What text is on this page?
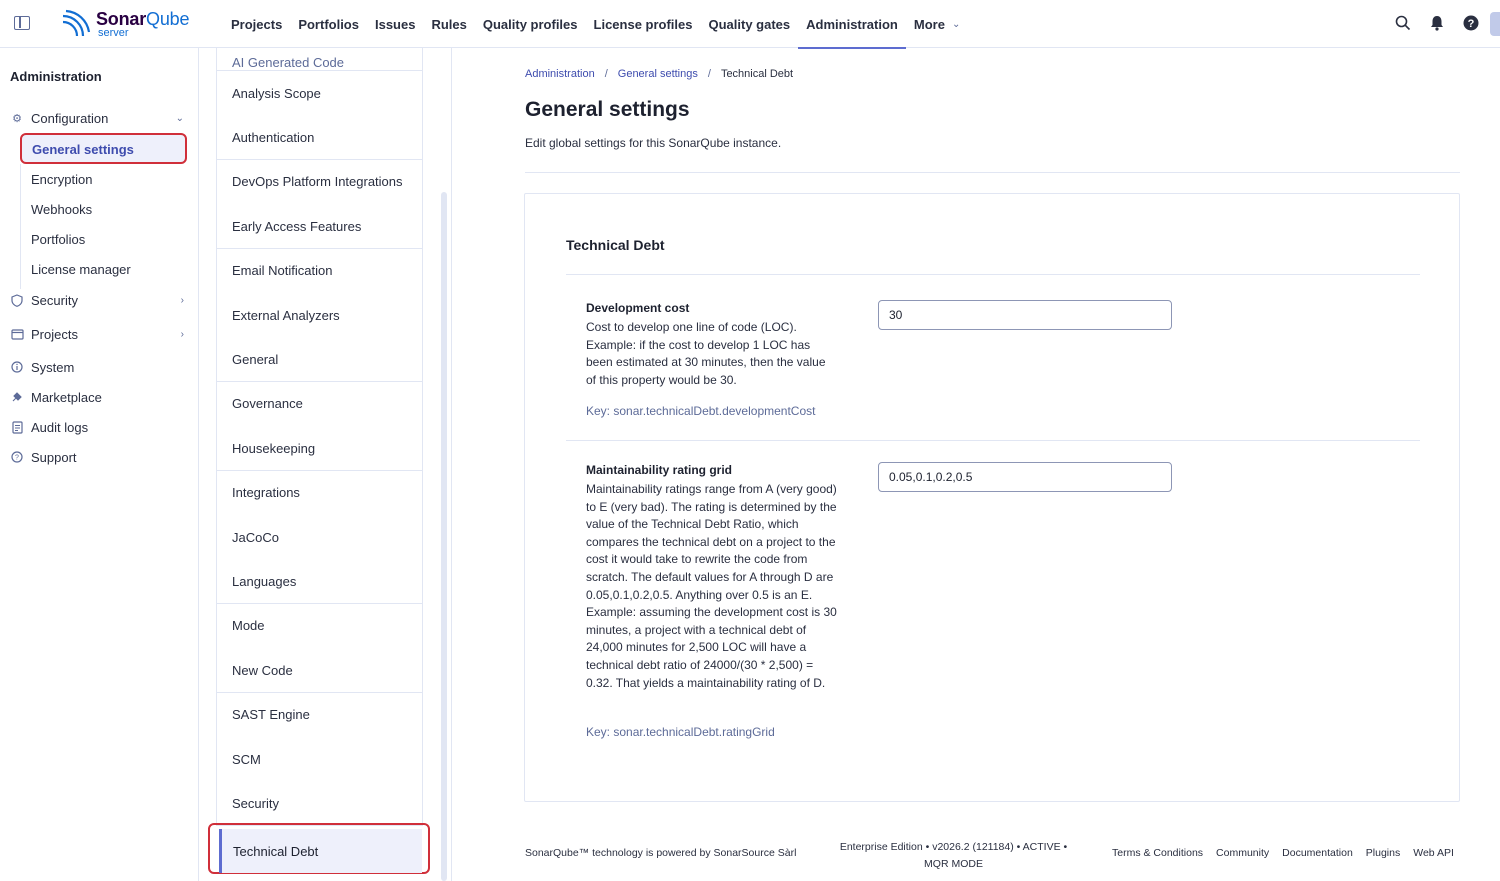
SonarQube
server
Projects	Portfolios	Issues	Rules	Quality profiles	License profiles	Quality gates	Administration	More ⌄	?
Administration
⚙ Configuration	⌄
General settings
Encryption
Webhooks
Portfolios
License manager
Security	›
Projects	›
System
Marketplace
Audit logs
? Support
AI Generated Code
Analysis Scope
Authentication
DevOps Platform Integrations
Early Access Features
Email Notification
External Analyzers
General
Governance
Housekeeping
Integrations
JaCoCo
Languages
Mode
New Code
SAST Engine
SCM
Security
Technical Debt
Administration / General settings / Technical Debt
General settings
Edit global settings for this SonarQube instance.
Technical Debt
Development cost
Cost to develop one line of code (LOC). Example: if the cost to develop 1 LOC has been estimated at 30 minutes, then the value of this property would be 30.
Key: sonar.technicalDebt.developmentCost
30
Maintainability rating grid
Maintainability ratings range from A (very good) to E (very bad). The rating is determined by the value of the Technical Debt Ratio, which compares the technical debt on a project to the cost it would take to rewrite the code from scratch. The default values for A through D are 0.05,0.1,0.2,0.5. Anything over 0.5 is an E. Example: assuming the development cost is 30 minutes, a project with a technical debt of 24,000 minutes for 2,500 LOC will have a technical debt ratio of 24000/(30 * 2,500) = 0.32. That yields a maintainability rating of D.
Key: sonar.technicalDebt.ratingGrid
0.05,0.1,0.2,0.5
SonarQube™ technology is powered by SonarSource Sàrl	Enterprise Edition • v2026.2 (121184) • ACTIVE •
MQR MODE
Terms & Conditions Community Documentation Plugins Web API
